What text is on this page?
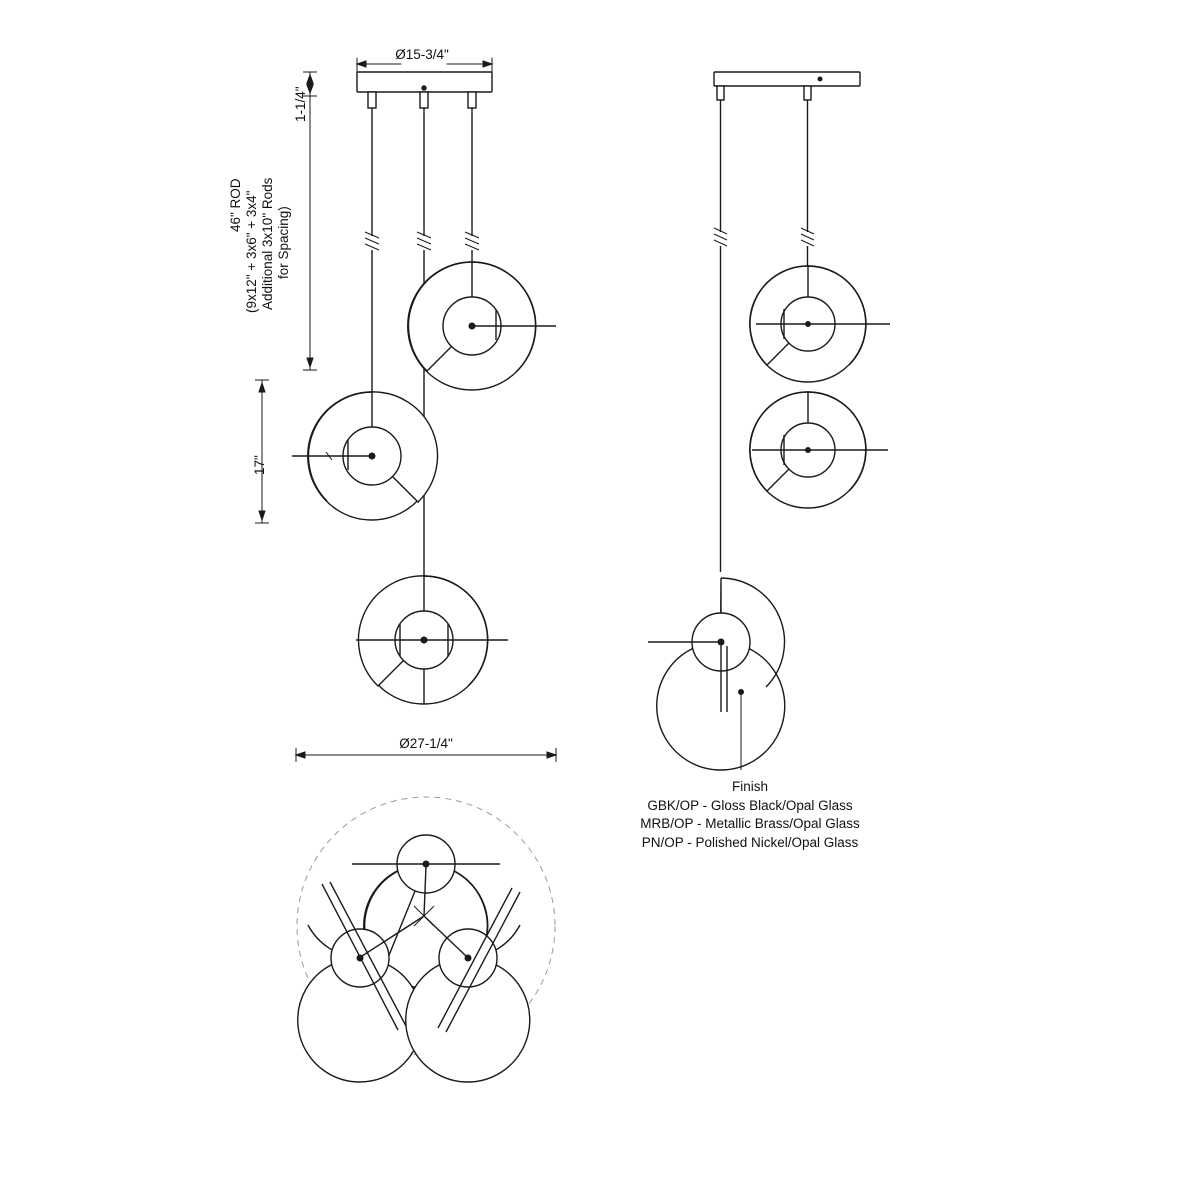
Ø15-3/4"
1-1/4"
46" ROD (9x12" + 3x6" + 3x4" Additional 3x10" Rods for Spacing)
17"
Ø27-1/4"
Finish
GBK/OP - Gloss Black/Opal Glass
MRB/OP - Metallic Brass/Opal Glass
PN/OP - Polished Nickel/Opal Glass
